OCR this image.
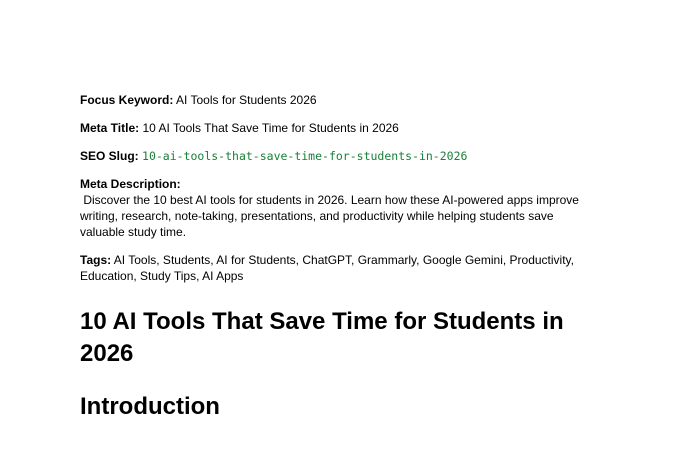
Focus Keyword: AI Tools for Students 2026

Meta Title: 10 AI Tools That Save Time for Students in 2026

SEO Slug: 10-ai-tools-that-save-time-for-students-in-2026

Meta Description:
Discover the 10 best AI tools for students in 2026. Learn how these AI-powered apps improve writing, research, note-taking, presentations, and productivity while helping students save valuable study time.

Tags: AI Tools, Students, AI for Students, ChatGPT, Grammarly, Google Gemini, Productivity, Education, Study Tips, AI Apps

10 AI Tools That Save Time for Students in 2026
Introduction
